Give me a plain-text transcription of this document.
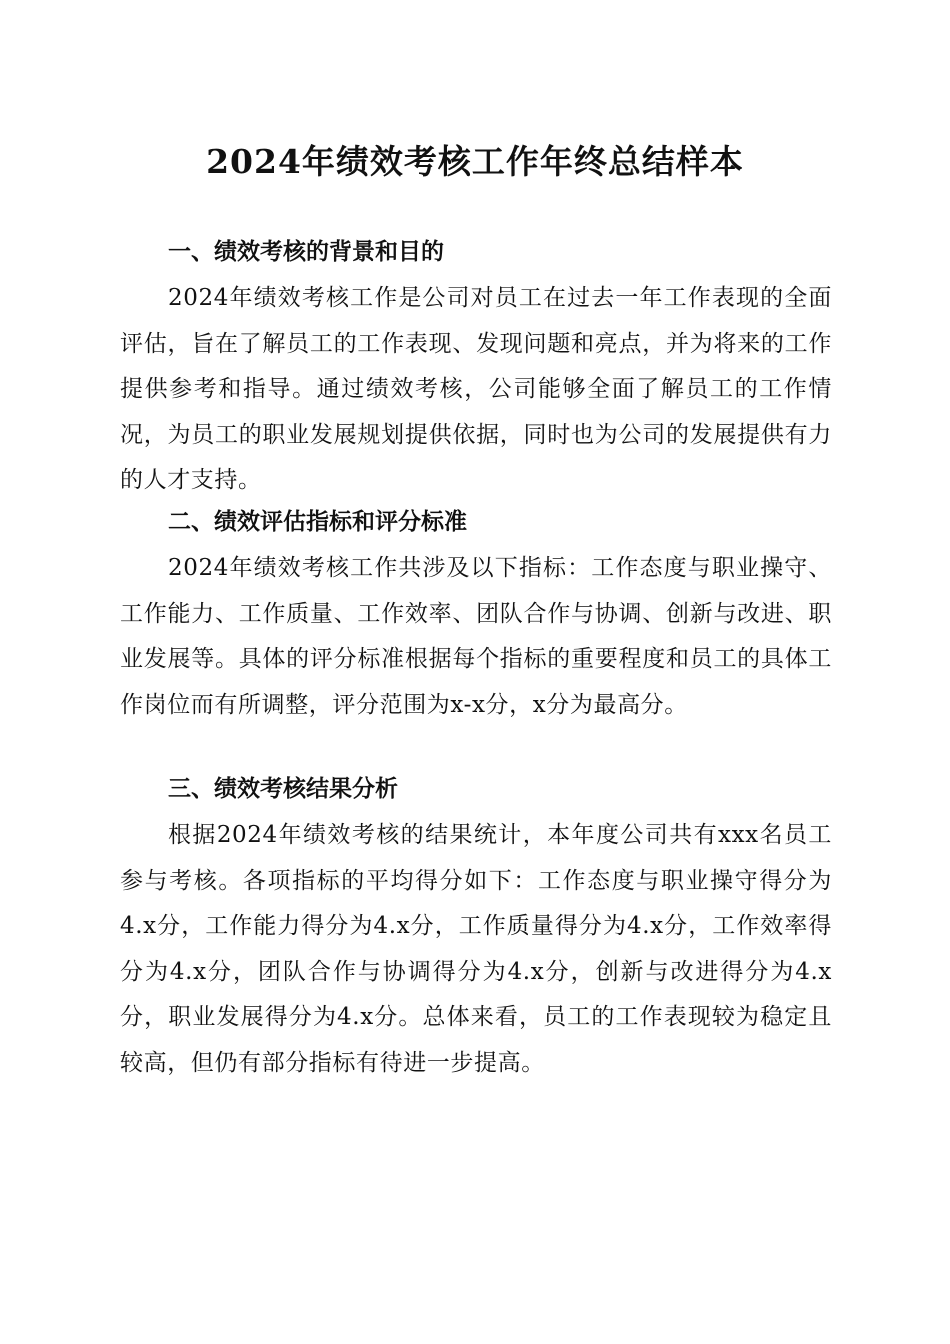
2024年绩效考核工作年终总结样本
一、绩效考核的背景和目的

2024年绩效考核工作是公司对员工在过去一年工作表现的全面评估，旨在了解员工的工作表现、发现问题和亮点，并为将来的工作提供参考和指导。通过绩效考核，公司能够全面了解员工的工作情况，为员工的职业发展规划提供依据，同时也为公司的发展提供有力的人才支持。

二、绩效评估指标和评分标准

2024年绩效考核工作共涉及以下指标：工作态度与职业操守、工作能力、工作质量、工作效率、团队合作与协调、创新与改进、职业发展等。具体的评分标准根据每个指标的重要程度和员工的具体工作岗位而有所调整，评分范围为x-x分，x分为最高分。

三、绩效考核结果分析

根据2024年绩效考核的结果统计，本年度公司共有xxx名员工参与考核。各项指标的平均得分如下：工作态度与职业操守得分为4.x分，工作能力得分为4.x分，工作质量得分为4.x分，工作效率得分为4.x分，团队合作与协调得分为4.x分，创新与改进得分为4.x分，职业发展得分为4.x分。总体来看，员工的工作表现较为稳定且较高，但仍有部分指标有待进一步提高。
